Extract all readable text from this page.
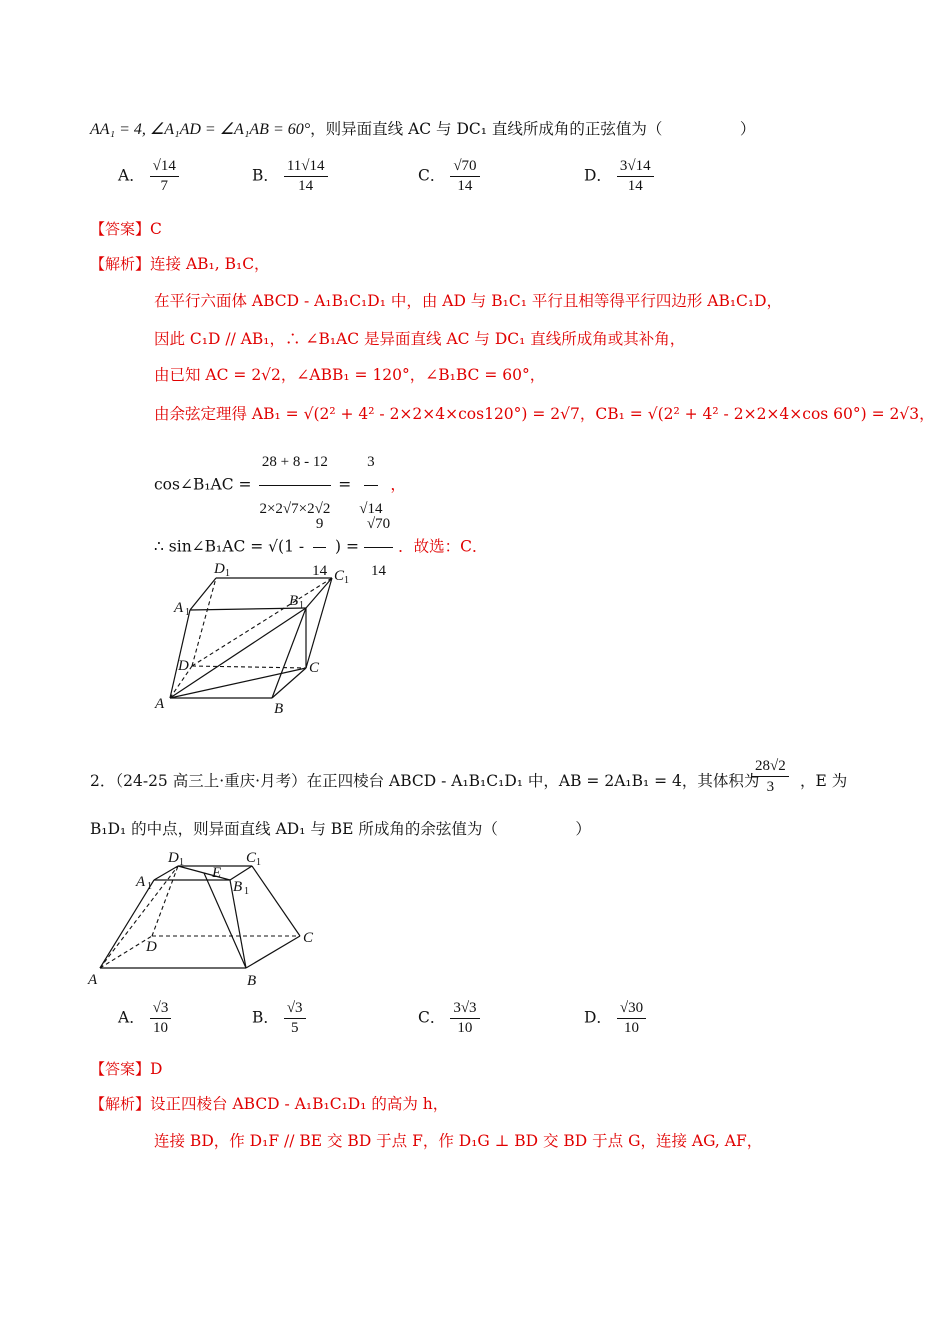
AA₁ = 4, ∠A₁AD = ∠A₁AB = 60°，则异面直线 AC 与 DC₁ 直线所成角的正弦值为（　　　　　）
A． $\frac{√14}{7}$	B． $\frac{11√14}{14}$	C． $\frac{√70}{14}$	D． $\frac{3√14}{14}$
【答案】C
【解析】连接 AB₁, B₁C，
在平行六面体 ABCD - A₁B₁C₁D₁ 中，由 AD 与 B₁C₁ 平行且相等得平行四边形 AB₁C₁D，
因此 C₁D // AB₁，∴ ∠B₁AC 是异面直线 AC 与 DC₁ 直线所成角或其补角，
由已知 AC = 2√2，∠ABB₁ = 120°，∠B₁BC = 60°，
由余弦定理得 AB₁ = √(2² + 4² - 2×2×4×cos120°) = 2√7，CB₁ = √(2² + 4² - 2×2×4×cos 60°) = 2√3，
cos∠B₁AC = $\frac{28 + 8 - 12}{2\times 2√7\times 2√2} = \frac{3}{√14}$ ，
∴ sin∠B₁AC = $√(1 - \frac{9}{14}$ ) = $\frac{√70}{14}$ ．故选：C．
A	B
C
D
A 1
B 1
C 1
D 1
2．（24-25 高三上·重庆·月考）在正四棱台 ABCD - A₁B₁C₁D₁ 中，AB = 2A₁B₁ = 4，其体积为
$\frac{28√2}{3}$ ，E 为
B₁D₁ 的中点，则异面直线 AD₁ 与 BE 所成角的余弦值为（　　　　　）
A	B
C
D
E
A 1	B 1
C 1
D 1
A． $\frac{√3}{10}$	B． $\frac{√3}{5}$	C． $\frac{3√3}{10}$	D． $\frac{√30}{10}$
【答案】D
【解析】设正四棱台 ABCD - A₁B₁C₁D₁ 的高为 h，
连接 BD，作 D₁F // BE 交 BD 于点 F，作 D₁G ⊥ BD 交 BD 于点 G，连接 AG, AF，
